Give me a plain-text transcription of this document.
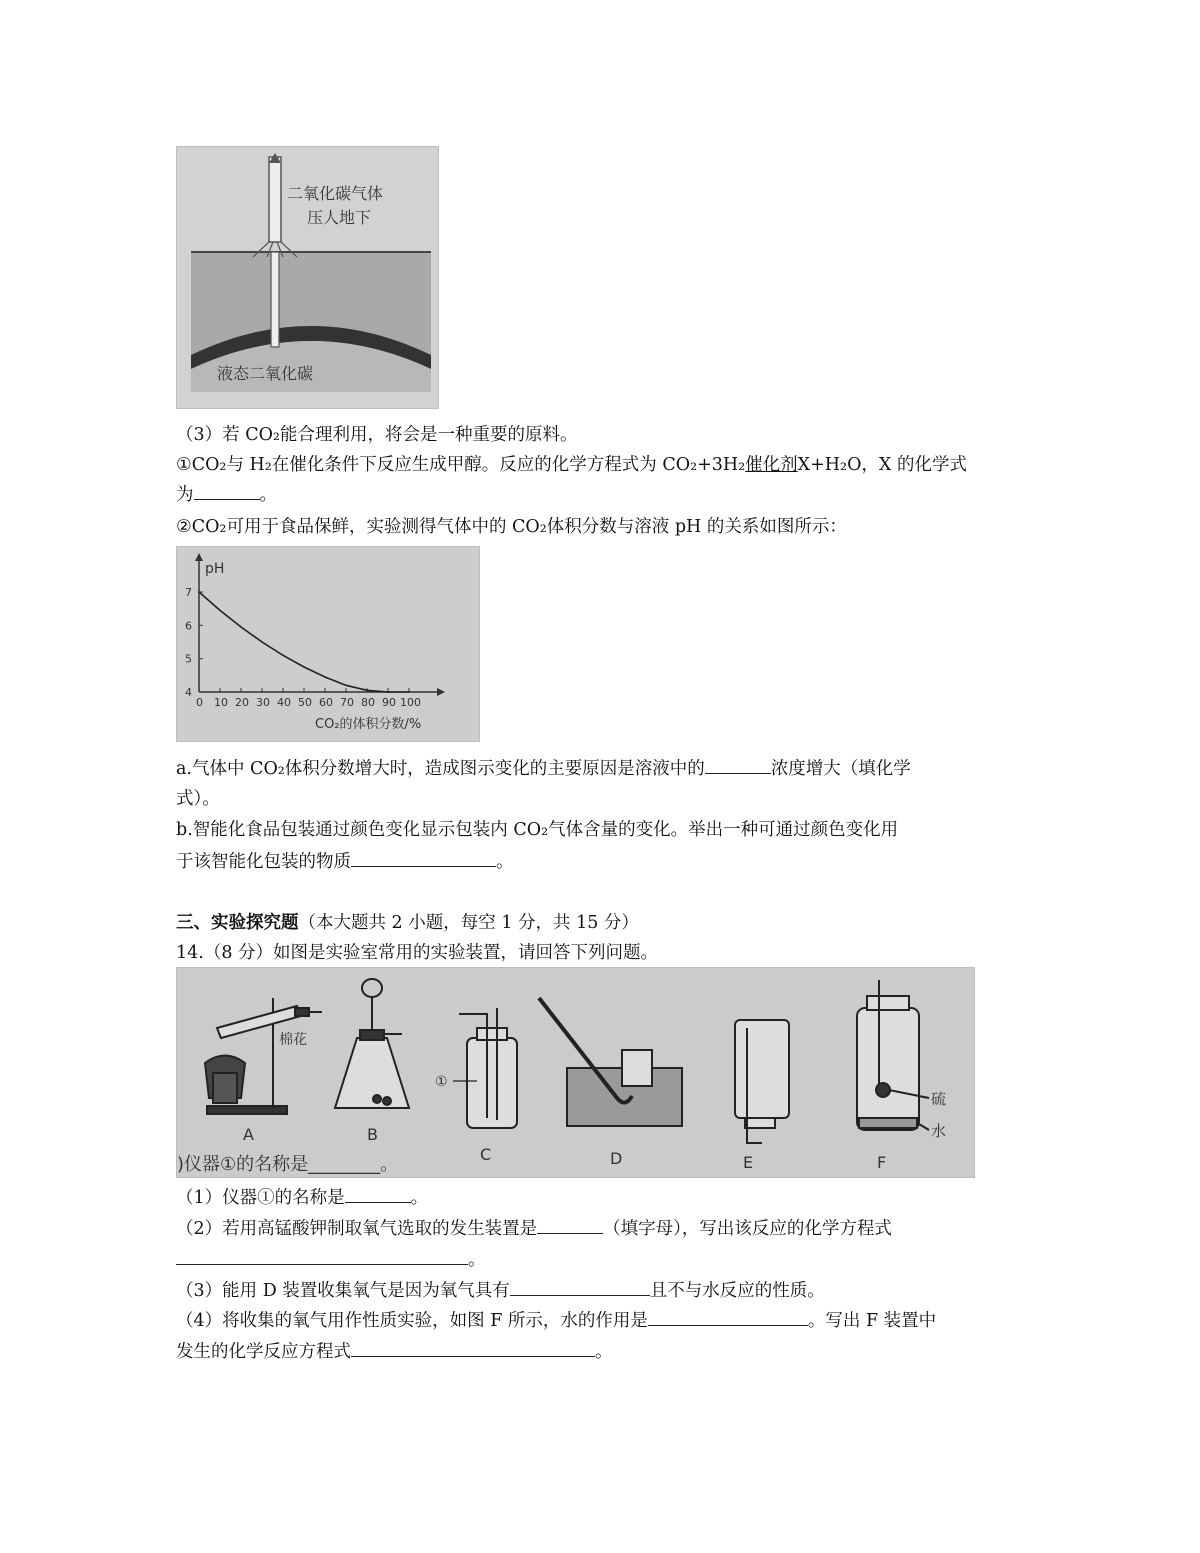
二氧化碳气体
压人地下
液态二氧化碳
（3）若 CO₂能合理利用，将会是一种重要的原料。
①CO₂与 H₂在催化条件下反应生成甲醇。反应的化学方程式为 CO₂+3H₂催化剂X+H₂O，X 的化学式
为	。
②CO₂可用于食品保鲜，实验测得气体中的 CO₂体积分数与溶液 pH 的关系如图所示：
pH
4
5
6
7
0 10 20 30 40 50 60 70 80 90 100
CO₂的体积分数/%
a.气体中 CO₂体积分数增大时，造成图示变化的主要原因是溶液中的	浓度增大（填化学
式）。
b.智能化食品包装通过颜色变化显示包装内 CO₂气体含量的变化。举出一种可通过颜色变化用
于该智能化包装的物质	。
三、实验探究题（本大题共 2 小题，每空 1 分，共 15 分）
14.（8 分）如图是实验室常用的实验装置，请回答下列问题。
棉花
A	B
①
C	D	E
硫
水
F
)仪器①的名称是________。
（1）仪器①的名称是	。
（2）若用高锰酸钾制取氧气选取的发生装置是	（填字母），写出该反应的化学方程式
。
（3）能用 D 装置收集氧气是因为氧气具有	且不与水反应的性质。
（4）将收集的氧气用作性质实验，如图 F 所示，水的作用是	。写出 F 装置中
发生的化学反应方程式	。
